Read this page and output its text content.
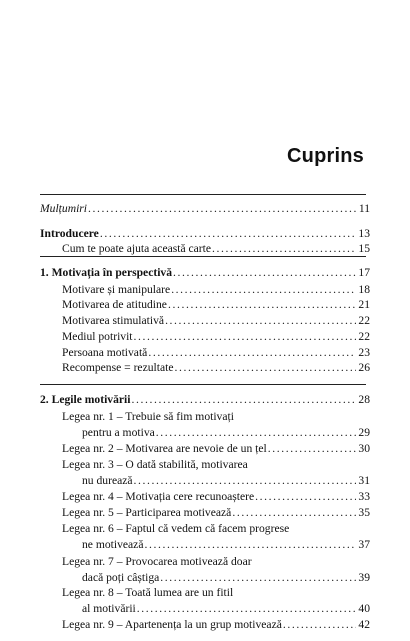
Cuprins
Mulțumiri .....	11
Introducere .....	13
Cum te poate ajuta această carte .....	15
1. Motivația în perspectivă .....	17
Motivare și manipulare .....	18
Motivarea de atitudine .....	21
Motivarea stimulativă .....	22
Mediul potrivit .....	22
Persoana motivată .....	23
Recompense = rezultate .....	26
2. Legile motivării .....	28
Legea nr. 1 – Trebuie să fim motivați
pentru a motiva .....	29
Legea nr. 2 – Motivarea are nevoie de un țel .....	30
Legea nr. 3 – O dată stabilită, motivarea
nu durează .....	31
Legea nr. 4 – Motivația cere recunoaștere .....	33
Legea nr. 5 – Participarea motivează .....	35
Legea nr. 6 – Faptul că vedem că facem progrese
ne motivează .....	37
Legea nr. 7 – Provocarea motivează doar
dacă poți câștiga .....	39
Legea nr. 8 – Toată lumea are un fitil
al motivării .....	40
Legea nr. 9 – Apartenența la un grup motivează .....	42
